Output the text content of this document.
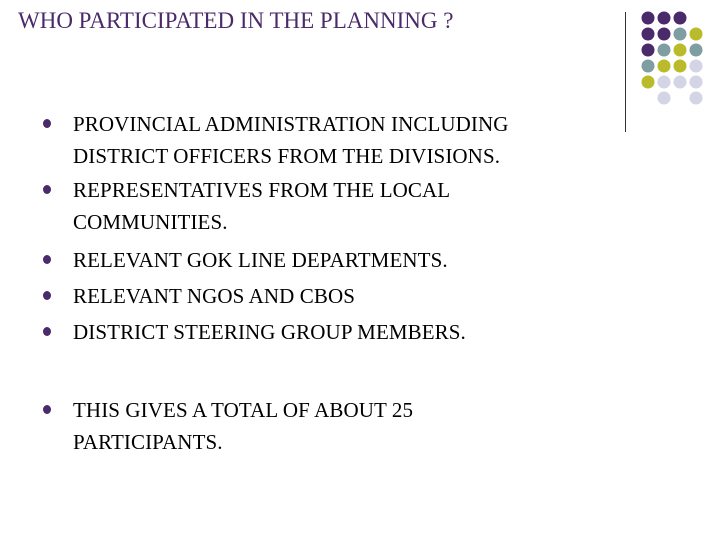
WHO PARTICIPATED IN THE PLANNING ?
PROVINCIAL ADMINISTRATION INCLUDING
DISTRICT OFFICERS FROM THE DIVISIONS.
REPRESENTATIVES FROM THE LOCAL
COMMUNITIES.
RELEVANT GOK LINE DEPARTMENTS.
RELEVANT NGOS AND CBOS
DISTRICT STEERING GROUP MEMBERS.
THIS GIVES A TOTAL OF ABOUT 25
PARTICIPANTS.
